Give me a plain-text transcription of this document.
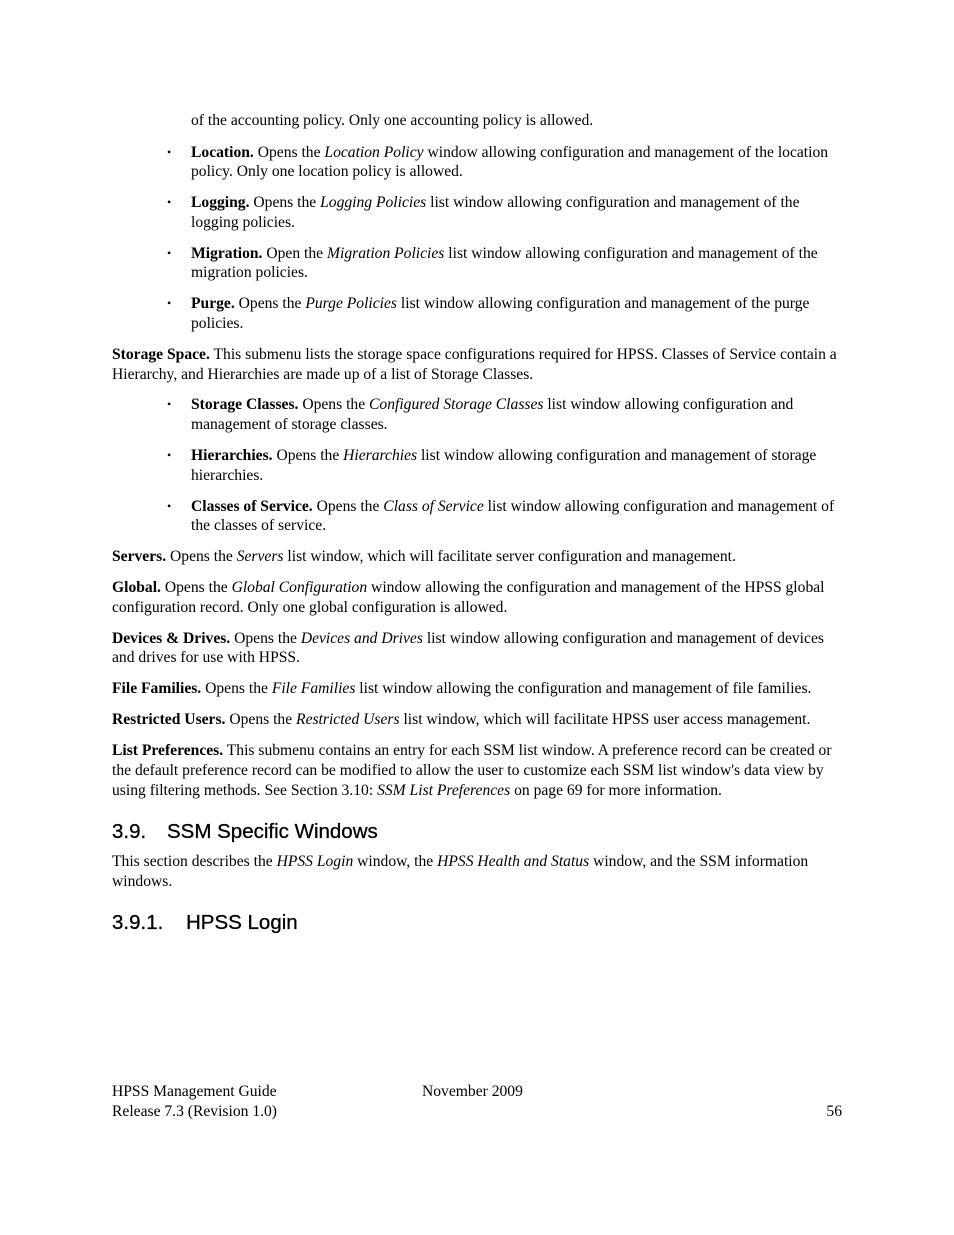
of the accounting policy. Only one accounting policy is allowed.

• Location. Opens the Location Policy window allowing configuration and management of the location policy. Only one location policy is allowed.
• Logging. Opens the Logging Policies list window allowing configuration and management of the logging policies.
• Migration. Open the Migration Policies list window allowing configuration and management of the migration policies.
• Purge. Opens the Purge Policies list window allowing configuration and management of the purge policies.

Storage Space. This submenu lists the storage space configurations required for HPSS. Classes of Service contain a Hierarchy, and Hierarchies are made up of a list of Storage Classes.

• Storage Classes. Opens the Configured Storage Classes list window allowing configuration and management of storage classes.
• Hierarchies. Opens the Hierarchies list window allowing configuration and management of storage hierarchies.
• Classes of Service. Opens the Class of Service list window allowing configuration and management of the classes of service.

Servers. Opens the Servers list window, which will facilitate server configuration and management.

Global. Opens the Global Configuration window allowing the configuration and management of the HPSS global configuration record. Only one global configuration is allowed.

Devices & Drives. Opens the Devices and Drives list window allowing configuration and management of devices and drives for use with HPSS.

File Families. Opens the File Families list window allowing the configuration and management of file families.

Restricted Users. Opens the Restricted Users list window, which will facilitate HPSS user access management.

List Preferences. This submenu contains an entry for each SSM list window. A preference record can be created or the default preference record can be modified to allow the user to customize each SSM list window's data view by using filtering methods. See Section 3.10: SSM List Preferences on page 69 for more information.

3.9. SSM Specific Windows

This section describes the HPSS Login window, the HPSS Health and Status window, and the SSM information windows.

3.9.1. HPSS Login
HPSS Management Guide	November 2009
Release 7.3 (Revision 1.0)	56
